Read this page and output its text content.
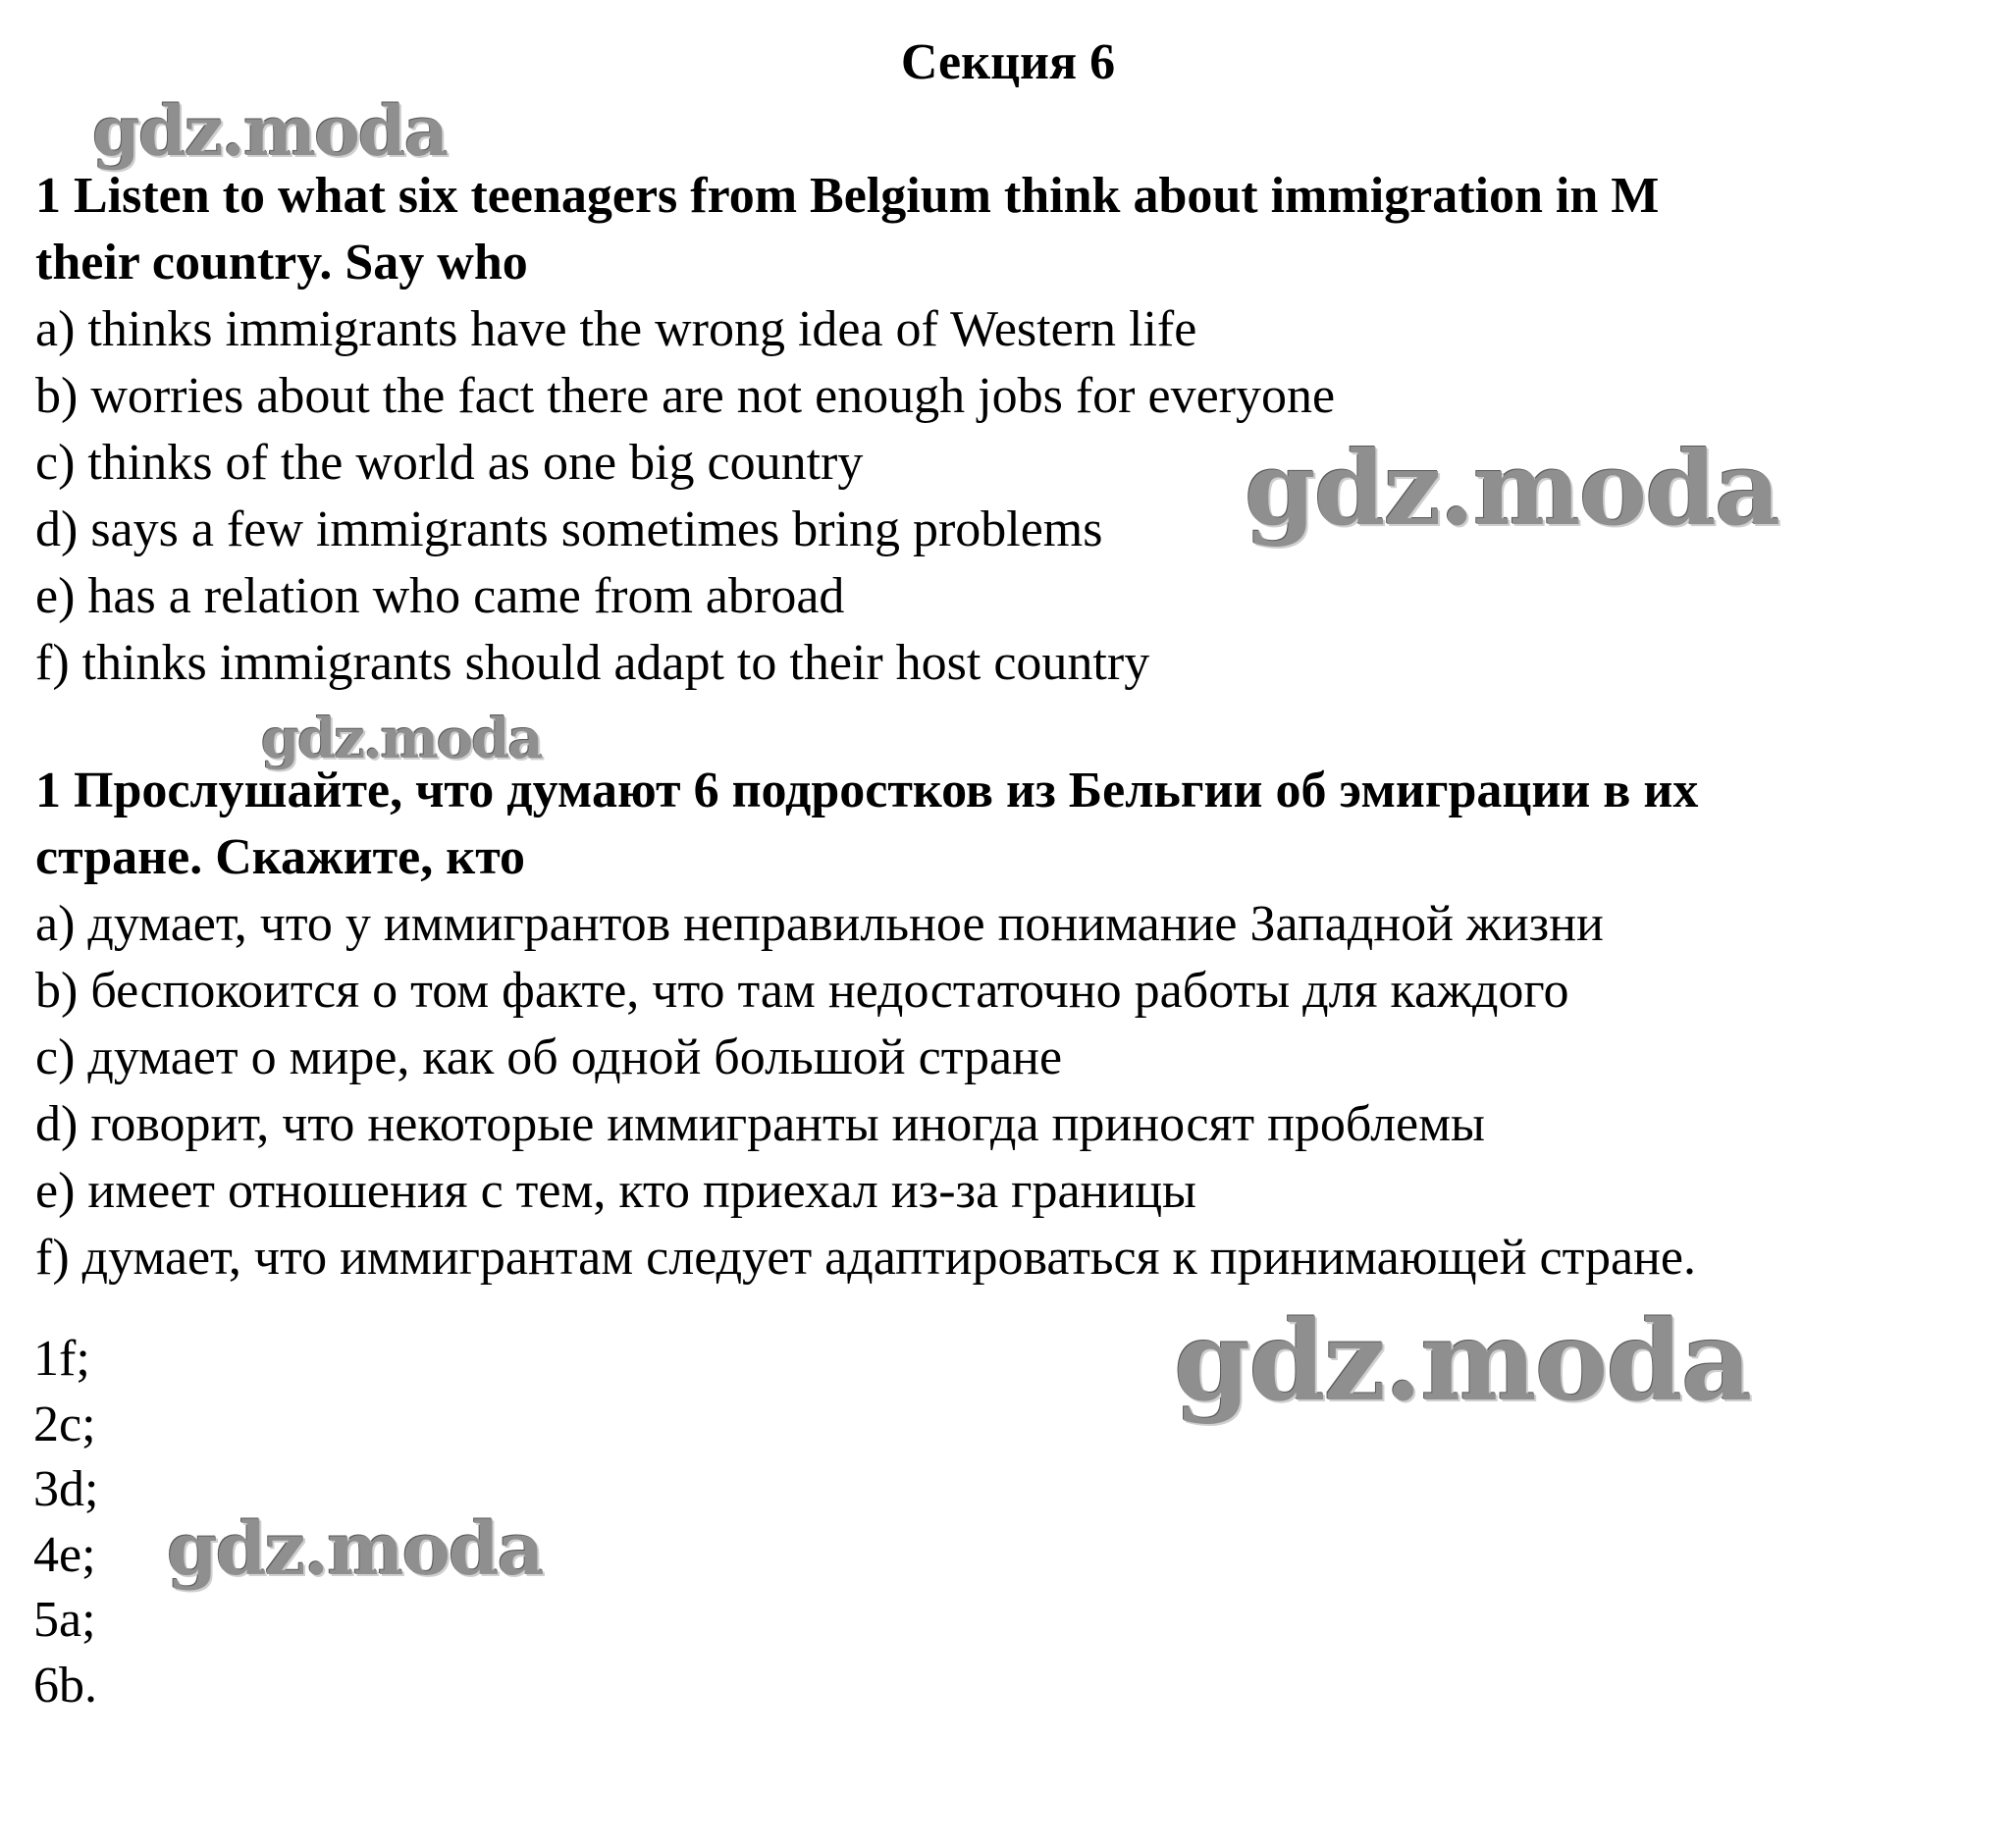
Секция 6
gdz.moda
gdz.moda
gdz.moda
gdz.moda
gdz.moda
1 Listen to what six teenagers from Belgium think about immigration in M
their country. Say who
a) thinks immigrants have the wrong idea of Western life
b) worries about the fact there are not enough jobs for everyone
c) thinks of the world as one big country
d) says a few immigrants sometimes bring problems
e) has a relation who came from abroad
f) thinks immigrants should adapt to their host country
1 Прослушайте, что думают 6 подростков из Бельгии об эмиграции в их
стране. Скажите, кто
a) думает, что у иммигрантов неправильное понимание Западной жизни
b) беспокоится о том факте, что там недостаточно работы для каждого
c) думает о мире, как об одной большой стране
d) говорит, что некоторые иммигранты иногда приносят проблемы
e) имеет отношения с тем, кто приехал из-за границы
f) думает, что иммигрантам следует адаптироваться к принимающей стране.
1f;
2c;
3d;
4e;
5a;
6b.
